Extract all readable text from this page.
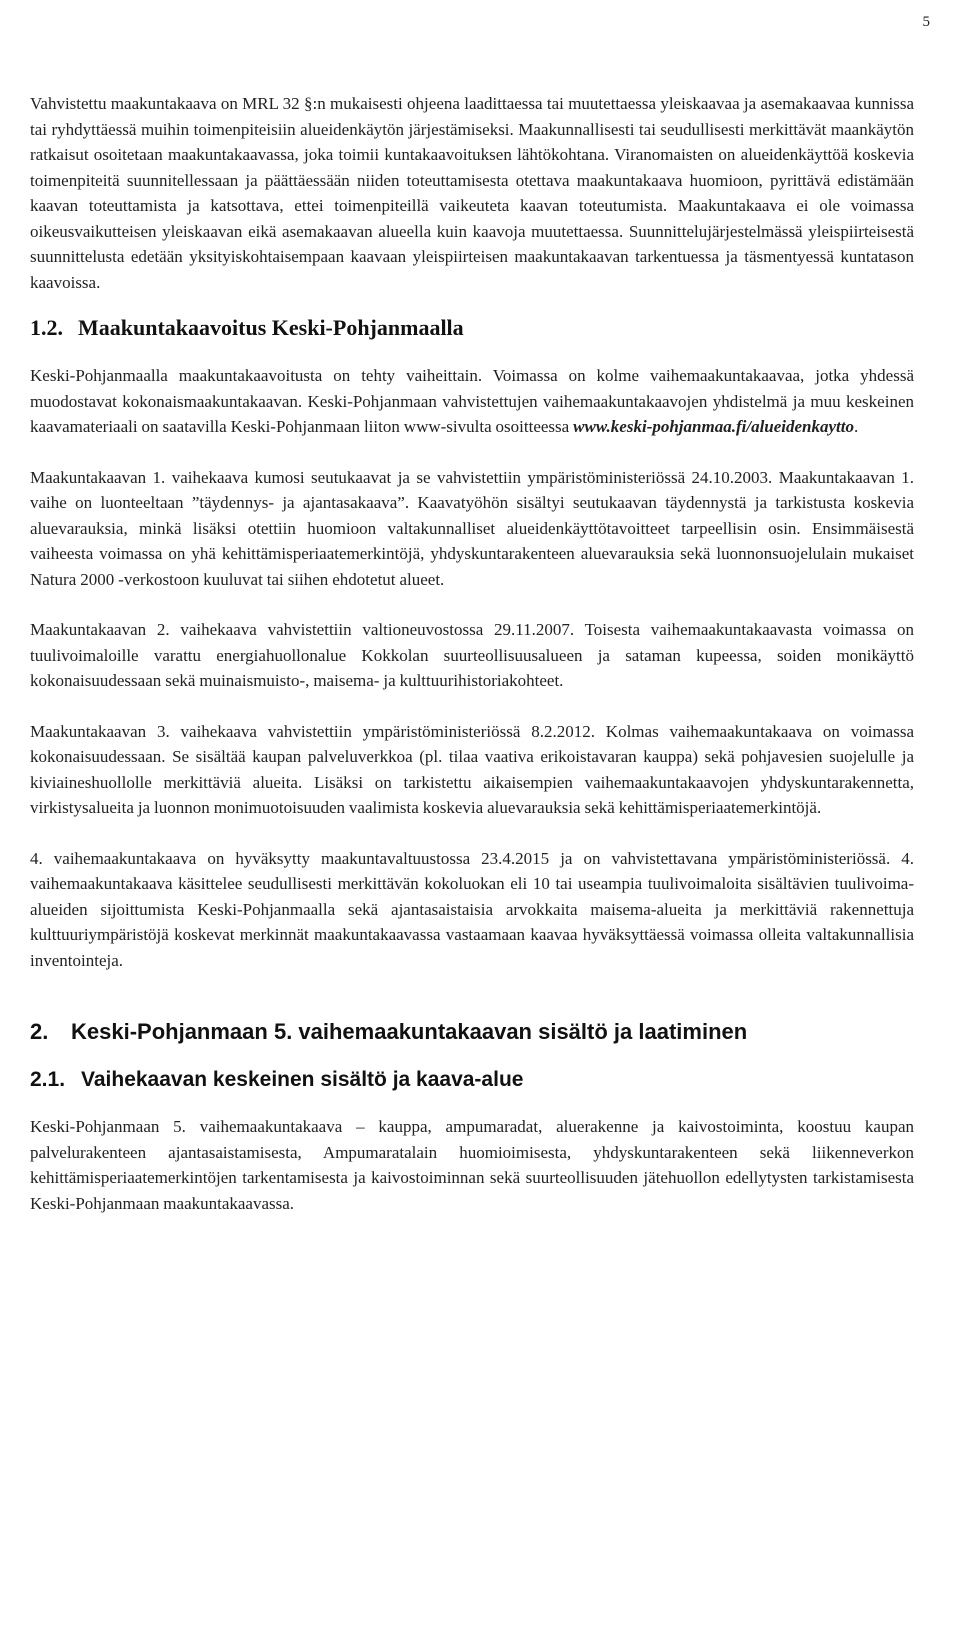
5

Vahvistettu maakuntakaava on MRL 32 §:n mukaisesti ohjeena laadittaessa tai muutettaessa yleiskaavaa ja asemakaavaa kunnissa tai ryhdyttäessä muihin toimenpiteisiin alueidenkäytön järjestämiseksi. Maakunnallisesti tai seudullisesti merkittävät maankäytön ratkaisut osoitetaan maakuntakaavassa, joka toimii kuntakaavoituksen lähtökohtana. Viranomaisten on alueidenkäyttöä koskevia toimenpiteitä suunnitellessaan ja päättäessään niiden toteuttamisesta otettava maakuntakaava huomioon, pyrittävä edistämään kaavan toteuttamista ja katsottava, ettei toimenpiteillä vaikeuteta kaavan toteutumista. Maakuntakaava ei ole voimassa oikeusvaikutteisen yleiskaavan eikä asemakaavan alueella kuin kaavoja muutettaessa. Suunnittelujärjestelmässä yleispiirteisestä suunnittelusta edetään yksityiskohtaisempaan kaavaan yleispiirteisen maakuntakaavan tarkentuessa ja täsmentyessä kuntatason kaavoissa.

1.2. Maakuntakaavoitus Keski-Pohjanmaalla

Keski-Pohjanmaalla maakuntakaavoitusta on tehty vaiheittain. Voimassa on kolme vaihemaakuntakaavaa, jotka yhdessä muodostavat kokonaismaakuntakaavan. Keski-Pohjanmaan vahvistettujen vaihemaakuntakaavojen yhdistelmä ja muu keskeinen kaavamateriaali on saatavilla Keski-Pohjanmaan liiton www-sivulta osoitteessa www.keski-pohjanmaa.fi/alueidenkaytto.

Maakuntakaavan 1. vaihekaava kumosi seutukaavat ja se vahvistettiin ympäristöministeriössä 24.10.2003. Maakuntakaavan 1. vaihe on luonteeltaan ”täydennys- ja ajantasakaava”. Kaavatyöhön sisältyi seutukaavan täydennystä ja tarkistusta koskevia aluevarauksia, minkä lisäksi otettiin huomioon valtakunnalliset alueidenkäyttötavoitteet tarpeellisin osin. Ensimmäisestä vaiheesta voimassa on yhä kehittämisperiaatemerkintöjä, yhdyskuntarakenteen aluevarauksia sekä luonnonsuojelulain mukaiset Natura 2000 -verkostoon kuuluvat tai siihen ehdotetut alueet.

Maakuntakaavan 2. vaihekaava vahvistettiin valtioneuvostossa 29.11.2007. Toisesta vaihemaakuntakaavasta voimassa on tuulivoimaloille varattu energiahuollonalue Kokkolan suurteollisuusalueen ja sataman kupeessa, soiden monikäyttö kokonaisuudessaan sekä muinaismuisto-, maisema- ja kulttuurihistoriakohteet.

Maakuntakaavan 3. vaihekaava vahvistettiin ympäristöministeriössä 8.2.2012. Kolmas vaihemaakuntakaava on voimassa kokonaisuudessaan. Se sisältää kaupan palveluverkkoa (pl. tilaa vaativa erikoistavaran kauppa) sekä pohjavesien suojelulle ja kiviaineshuollolle merkittäviä alueita. Lisäksi on tarkistettu aikaisempien vaihemaakuntakaavojen yhdyskuntarakennetta, virkistysalueita ja luonnon monimuotoisuuden vaalimista koskevia aluevarauksia sekä kehittämisperiaatemerkintöjä.

4. vaihemaakuntakaava on hyväksytty maakuntavaltuustossa 23.4.2015 ja on vahvistettavana ympäristöministeriössä. 4. vaihemaakuntakaava käsittelee seudullisesti merkittävän kokoluokan eli 10 tai useampia tuulivoimaloita sisältävien tuulivoima-alueiden sijoittumista Keski-Pohjanmaalla sekä ajantasaistaisia arvokkaita maisema-alueita ja merkittäviä rakennettuja kulttuuriympäristöjä koskevat merkinnät maakuntakaavassa vastaamaan kaavaa hyväksyttäessä voimassa olleita valtakunnallisia inventointeja.

2.	Keski-Pohjanmaan 5. vaihemaakuntakaavan sisältö ja laatiminen
2.1. Vaihekaavan keskeinen sisältö ja kaava-alue

Keski-Pohjanmaan 5. vaihemaakuntakaava – kauppa, ampumaradat, aluerakenne ja kaivostoiminta, koostuu kaupan palvelurakenteen ajantasaistamisesta, Ampumaratalain huomioimisesta, yhdyskuntarakenteen sekä liikenneverkon kehittämisperiaatemerkintöjen tarkentamisesta ja kaivostoiminnan sekä suurteollisuuden jätehuollon edellytysten tarkistamisesta Keski-Pohjanmaan maakuntakaavassa.
